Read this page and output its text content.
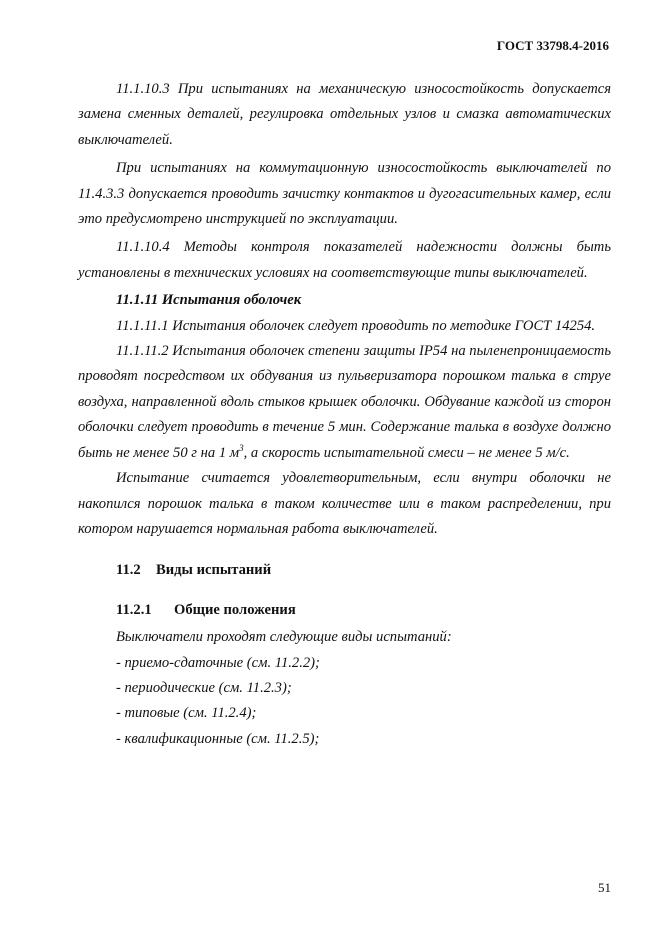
ГОСТ 33798.4-2016

11.1.10.3 При испытаниях на механическую износостойкость допускается замена сменных деталей, регулировка отдельных узлов и смазка автоматических выключателей.

При испытаниях на коммутационную износостойкость выключателей по 11.4.3.3 допускается проводить зачистку контактов и дугогасительных камер, если это предусмотрено инструкцией по эксплуатации.

11.1.10.4 Методы контроля показателей надежности должны быть установлены в технических условиях на соответствующие типы выключателей.

11.1.11 Испытания оболочек

11.1.11.1 Испытания оболочек следует проводить по методике ГОСТ 14254.

11.1.11.2 Испытания оболочек степени защиты IP54 на пыленепроницаемость проводят посредством их обдувания из пульверизатора порошком талька в струе воздуха, направленной вдоль стыков крышек оболочки. Обдувание каждой из сторон оболочки следует проводить в течение 5 мин. Содержание талька в воздухе должно быть не менее 50 г на 1 $м^3$, а скорость испытательной смеси – не менее 5 м/с.

Испытание считается удовлетворительным, если внутри оболочки не накопился порошок талька в таком количестве или в таком распределении, при котором нарушается нормальная работа выключателей.

11.2 Виды испытаний

11.2.1 Общие положения

Выключатели проходят следующие виды испытаний:

- приемо-сдаточные (см. 11.2.2);

- периодические (см. 11.2.3);

- типовые (см. 11.2.4);

- квалификационные (см. 11.2.5);

51
